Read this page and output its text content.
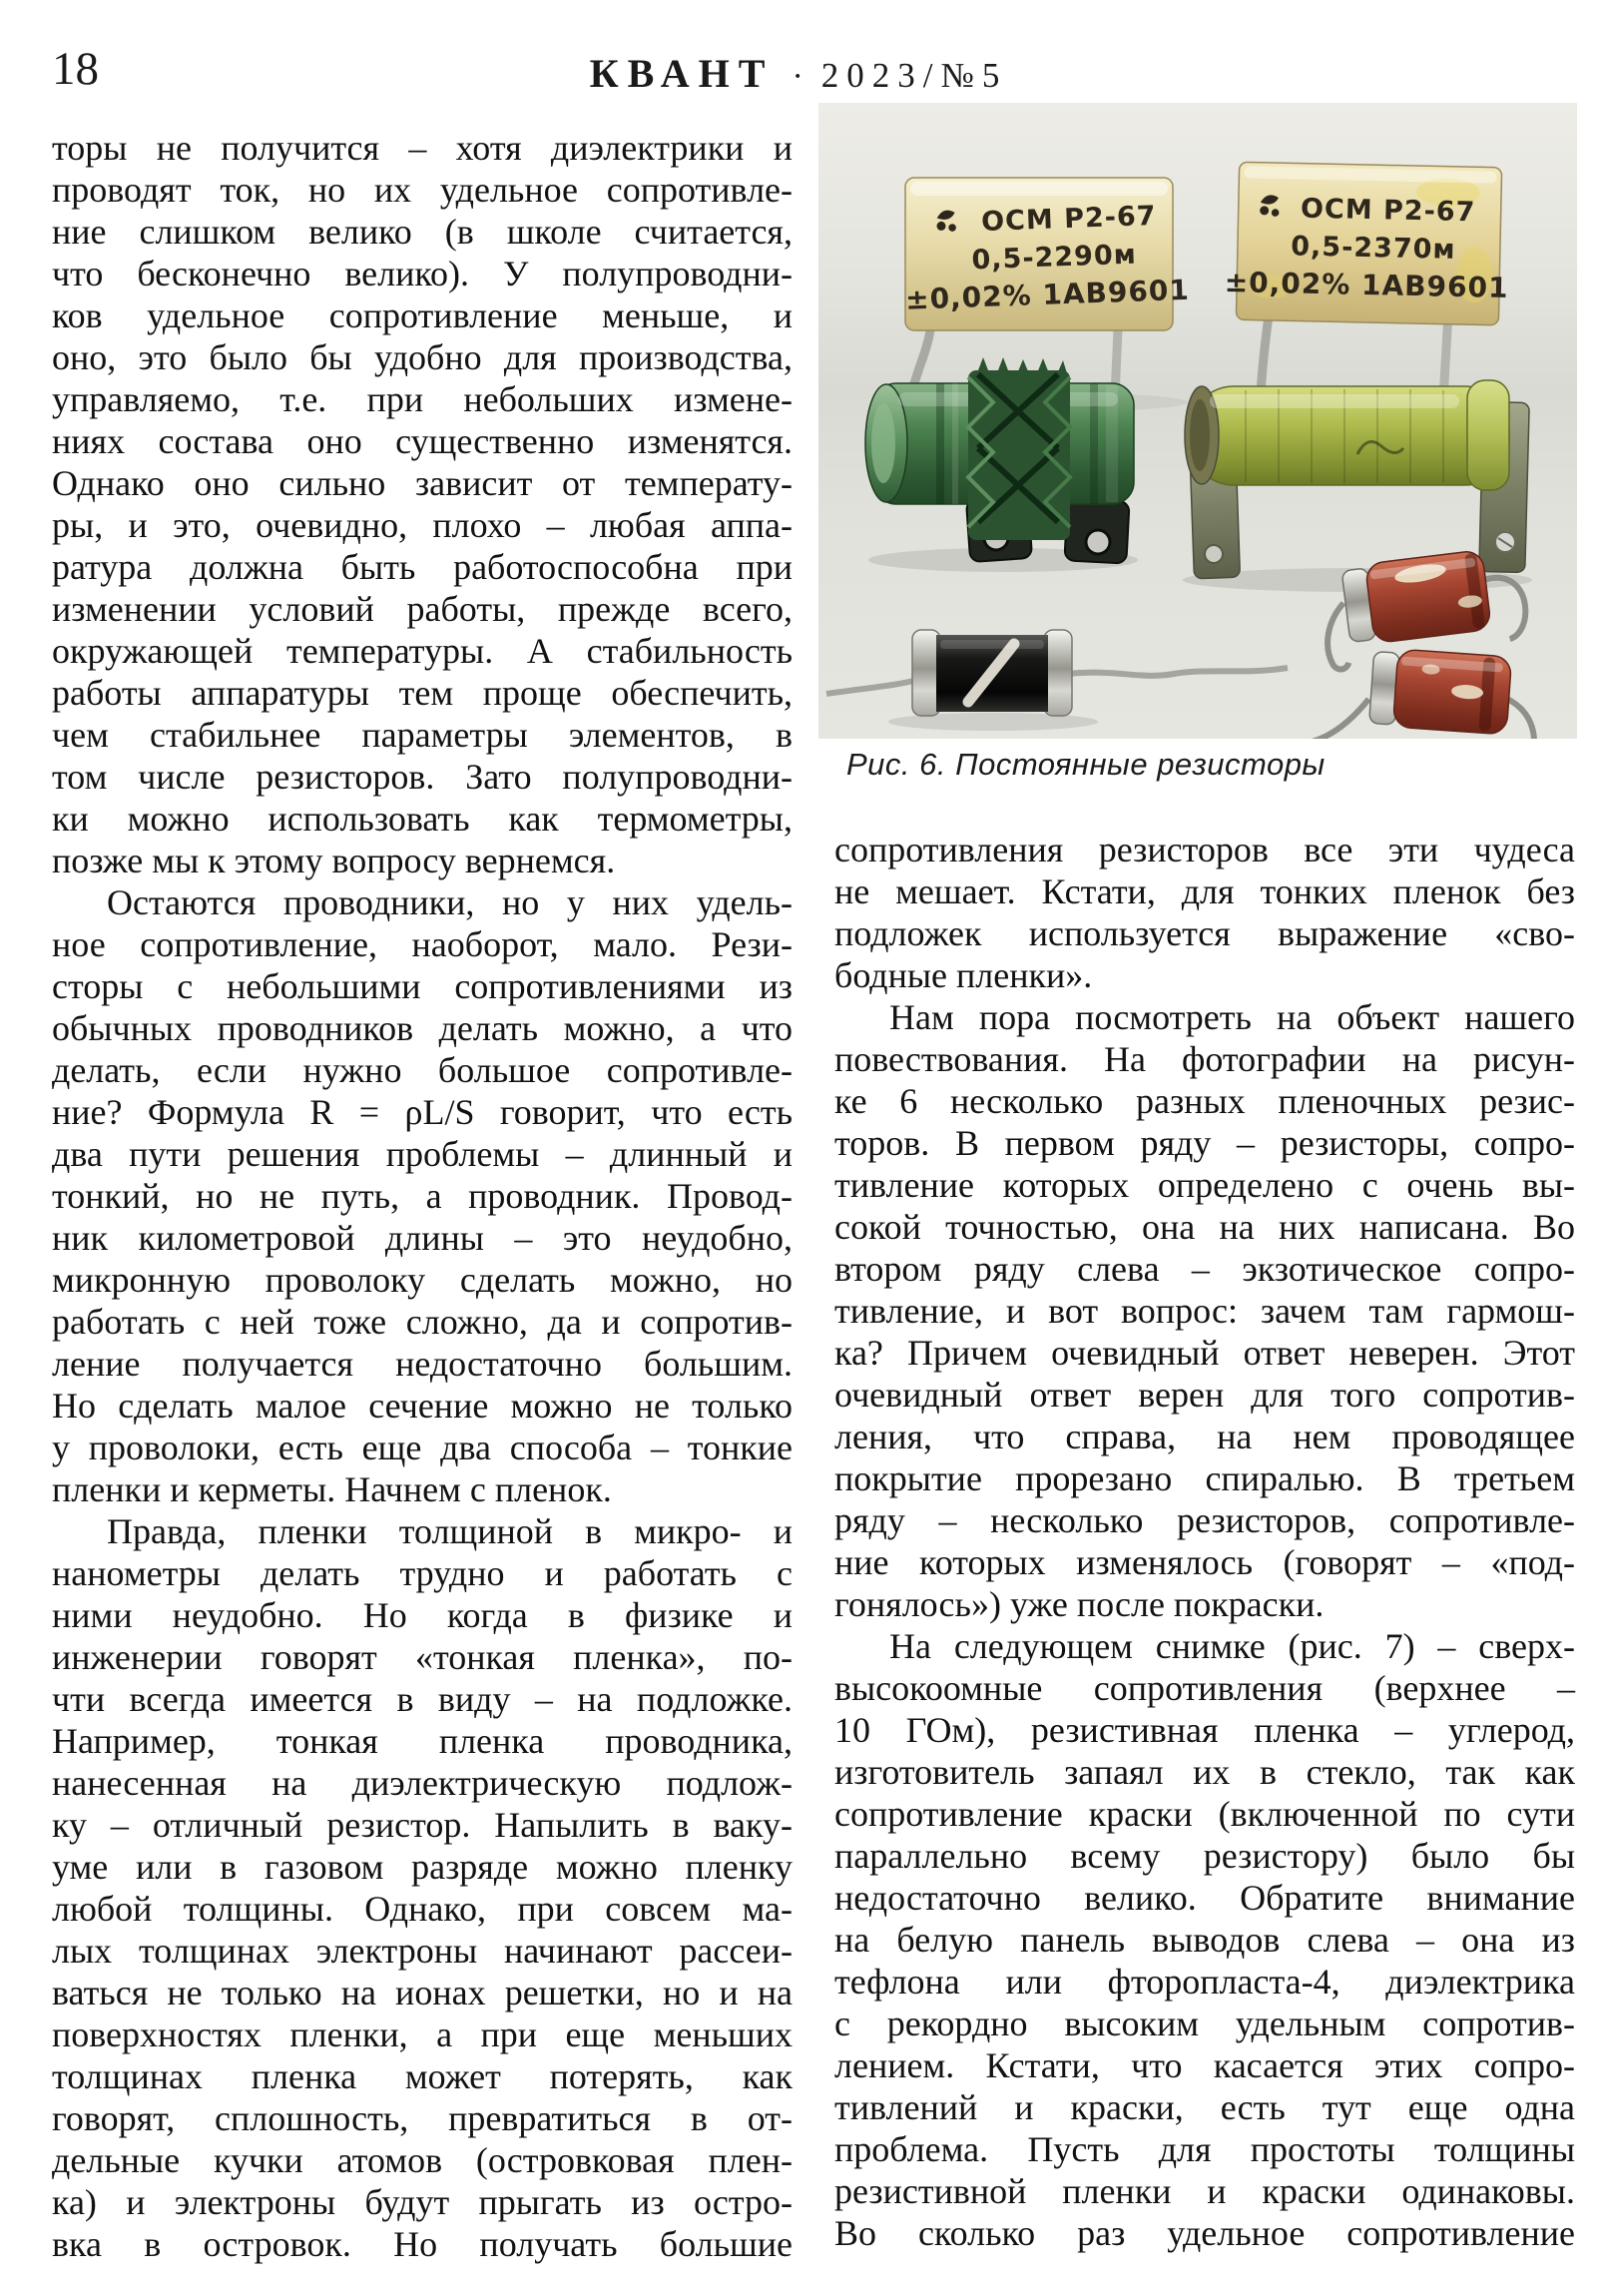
18	КВАНТ · 2023/№5
ОСМ Р2-67
0,5-2290м
±0,02% 1АВ9601
ОСМ Р2-67
0,5-2370м
±0,02% 1АВ9601
Рис. 6. Постоянные резисторы
торы не получится – хотя диэлектрики и
проводят ток, но их удельное сопротивле-
ние слишком велико (в школе считается,
что бесконечно велико). У полупроводни-
ков удельное сопротивление меньше, и
оно, это было бы удобно для производства,
управляемо, т.е. при небольших измене-
ниях состава оно существенно изменятся.
Однако оно сильно зависит от температу-
ры, и это, очевидно, плохо – любая аппа-
ратура должна быть работоспособна при
изменении условий работы, прежде всего,
окружающей температуры. А стабильность
работы аппаратуры тем проще обеспечить,
чем стабильнее параметры элементов, в
том числе резисторов. Зато полупроводни-
ки можно использовать как термометры,
позже мы к этому вопросу вернемся.
Остаются проводники, но у них удель-
ное сопротивление, наоборот, мало. Рези-
сторы с небольшими сопротивлениями из
обычных проводников делать можно, а что
делать, если нужно большое сопротивле-
ние? Формула R = ρL/S говорит, что есть
два пути решения проблемы – длинный и
тонкий, но не путь, а проводник. Провод-
ник километровой длины – это неудобно,
микронную проволоку сделать можно, но
работать с ней тоже сложно, да и сопротив-
ление получается недостаточно большим.
Но сделать малое сечение можно не только
у проволоки, есть еще два способа – тонкие
пленки и керметы. Начнем с пленок.
Правда, пленки толщиной в микро- и
нанометры делать трудно и работать с
ними неудобно. Но когда в физике и
инженерии говорят «тонкая пленка», по-
чти всегда имеется в виду – на подложке.
Например, тонкая пленка проводника,
нанесенная на диэлектрическую подлож-
ку – отличный резистор. Напылить в ваку-
уме или в газовом разряде можно пленку
любой толщины. Однако, при совсем ма-
лых толщинах электроны начинают рассеи-
ваться не только на ионах решетки, но и на
поверхностях пленки, а при еще меньших
толщинах пленка может потерять, как
говорят, сплошность, превратиться в от-
дельные кучки атомов (островковая плен-
ка) и электроны будут прыгать из остро-
вка в островок. Но получать большие
сопротивления резисторов все эти чудеса
не мешает. Кстати, для тонких пленок без
подложек используется выражение «сво-
бодные пленки».
Нам пора посмотреть на объект нашего
повествования. На фотографии на рисун-
ке 6 несколько разных пленочных резис-
торов. В первом ряду – резисторы, сопро-
тивление которых определено с очень вы-
сокой точностью, она на них написана. Во
втором ряду слева – экзотическое сопро-
тивление, и вот вопрос: зачем там гармош-
ка? Причем очевидный ответ неверен. Этот
очевидный ответ верен для того сопротив-
ления, что справа, на нем проводящее
покрытие прорезано спиралью. В третьем
ряду – несколько резисторов, сопротивле-
ние которых изменялось (говорят – «под-
гонялось») уже после покраски.
На следующем снимке (рис. 7) – сверх-
высокоомные сопротивления (верхнее –
10 ГОм), резистивная пленка – углерод,
изготовитель запаял их в стекло, так как
сопротивление краски (включенной по сути
параллельно всему резистору) было бы
недостаточно велико. Обратите внимание
на белую панель выводов слева – она из
тефлона или фторопласта-4, диэлектрика
с рекордно высоким удельным сопротив-
лением. Кстати, что касается этих сопро-
тивлений и краски, есть тут еще одна
проблема. Пусть для простоты толщины
резистивной пленки и краски одинаковы.
Во сколько раз удельное сопротивление
